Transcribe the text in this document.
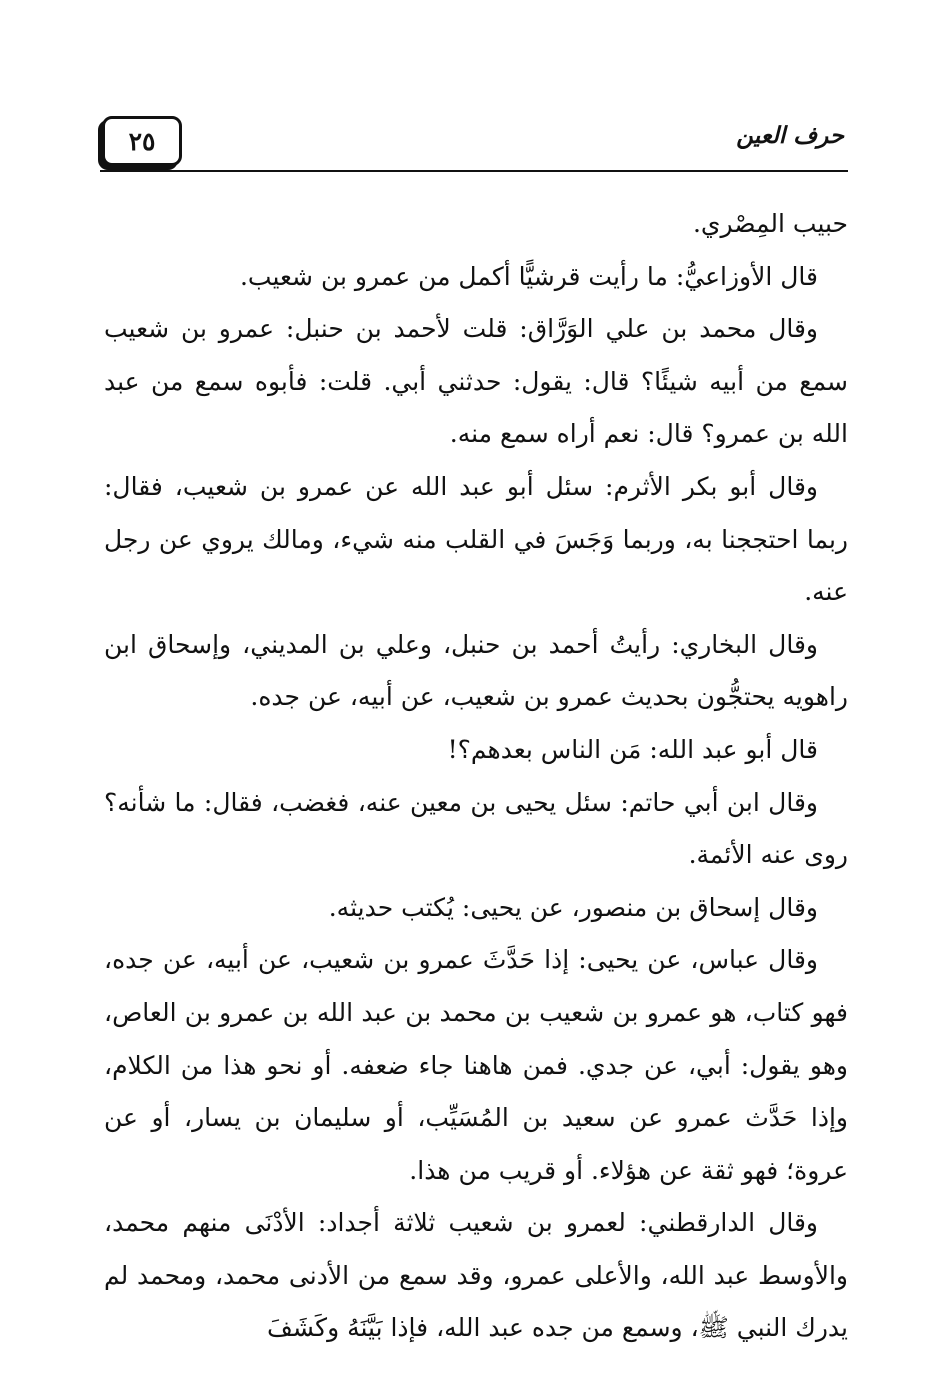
٢٥	حرف العين

حبيب المِصْري.

قال الأوزاعيُّ: ما رأيت قرشيًّا أكمل من عمرو بن شعيب.

وقال محمد بن علي الوَرَّاق: قلت لأحمد بن حنبل: عمرو بن شعيب سمع من أبيه شيئًا؟ قال: يقول: حدثني أبي. قلت: فأبوه سمع من عبد الله بن عمرو؟ قال: نعم أراه سمع منه.

وقال أبو بكر الأثرم: سئل أبو عبد الله عن عمرو بن شعيب، فقال: ربما احتججنا به، وربما وَجَسَ في القلب منه شيء، ومالك يروي عن رجل عنه.

وقال البخاري: رأيتُ أحمد بن حنبل، وعلي بن المديني، وإسحاق ابن راهويه يحتجُّون بحديث عمرو بن شعيب، عن أبيه، عن جده.

قال أبو عبد الله: مَن الناس بعدهم؟!

وقال ابن أبي حاتم: سئل يحيى بن معين عنه، فغضب، فقال: ما شأنه؟ روى عنه الأئمة.

وقال إسحاق بن منصور، عن يحيى: يُكتب حديثه.

وقال عباس، عن يحيى: إذا حَدَّثَ عمرو بن شعيب، عن أبيه، عن جده، فهو كتاب، هو عمرو بن شعيب بن محمد بن عبد الله بن عمرو بن العاص، وهو يقول: أبي، عن جدي. فمن هاهنا جاء ضعفه. أو نحو هذا من الكلام، وإذا حَدَّث عمرو عن سعيد بن المُسَيِّب، أو سليمان بن يسار، أو عن عروة؛ فهو ثقة عن هؤلاء. أو قريب من هذا.

وقال الدارقطني: لعمرو بن شعيب ثلاثة أجداد: الأدْنَى منهم محمد، والأوسط عبد الله، والأعلى عمرو، وقد سمع من الأدنى محمد، ومحمد لم يدرك النبي ﷺ، وسمع من جده عبد الله، فإذا بَيَّنَهُ وكَشَفَ
